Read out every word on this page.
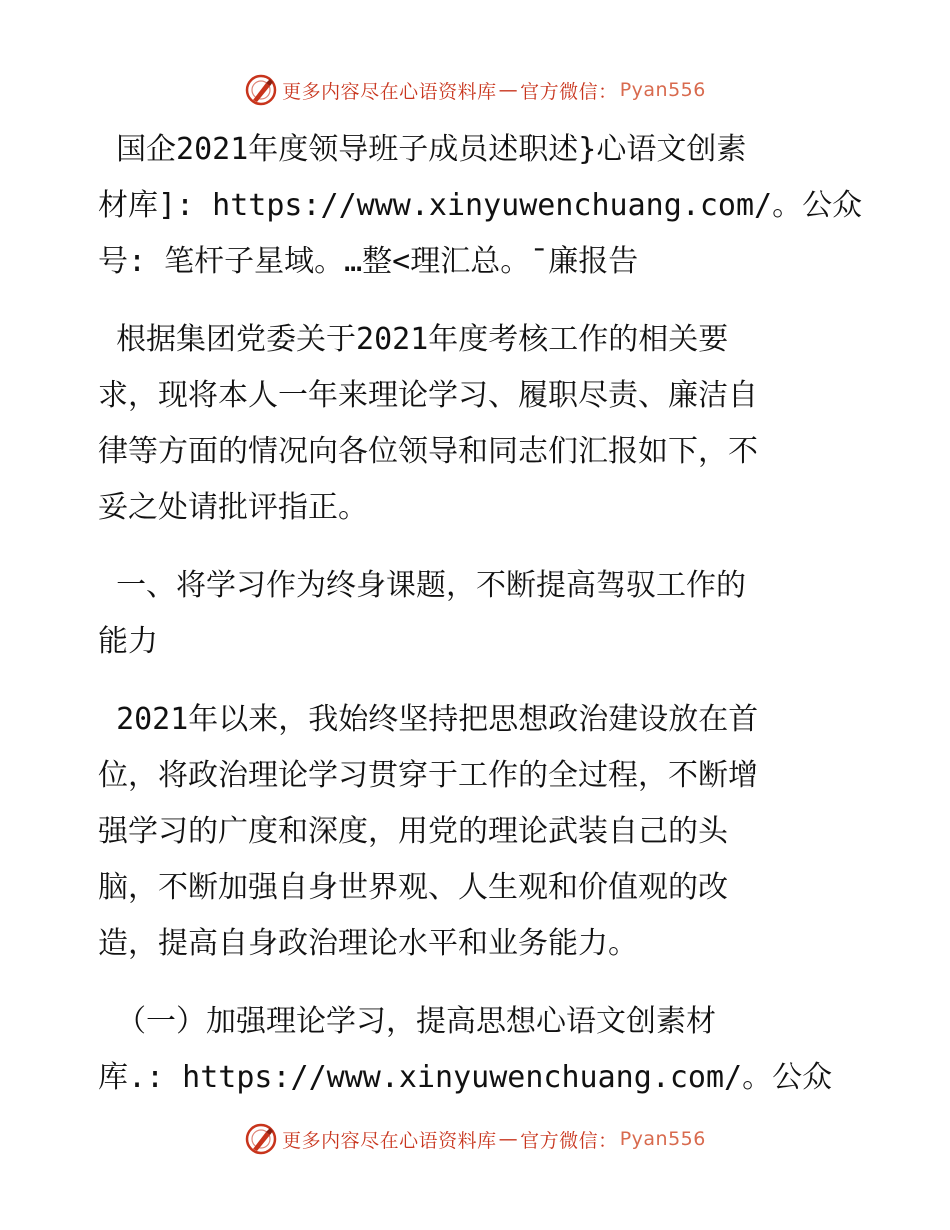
更多内容尽在心语资料库 — 官方微信： Pyan556
国企2021年度领导班子成员述职述}心语文创素
材库]: https://www.xinyuwenchuang.com/。公众
号: 笔杆子星域。…整<理汇总。¯廉报告
根据集团党委关于2021年度考核工作的相关要
求，现将本人一年来理论学习、履职尽责、廉洁自
律等方面的情况向各位领导和同志们汇报如下，不
妥之处请批评指正。
一、将学习作为终身课题，不断提高驾驭工作的
能力
2021年以来，我始终坚持把思想政治建设放在首
位，将政治理论学习贯穿于工作的全过程，不断增
强学习的广度和深度，用党的理论武装自己的头
脑，不断加强自身世界观、人生观和价值观的改
造，提高自身政治理论水平和业务能力。
（一）加强理论学习，提高思想心语文创素材
库.: https://www.xinyuwenchuang.com/。公众
更多内容尽在心语资料库 — 官方微信： Pyan556
